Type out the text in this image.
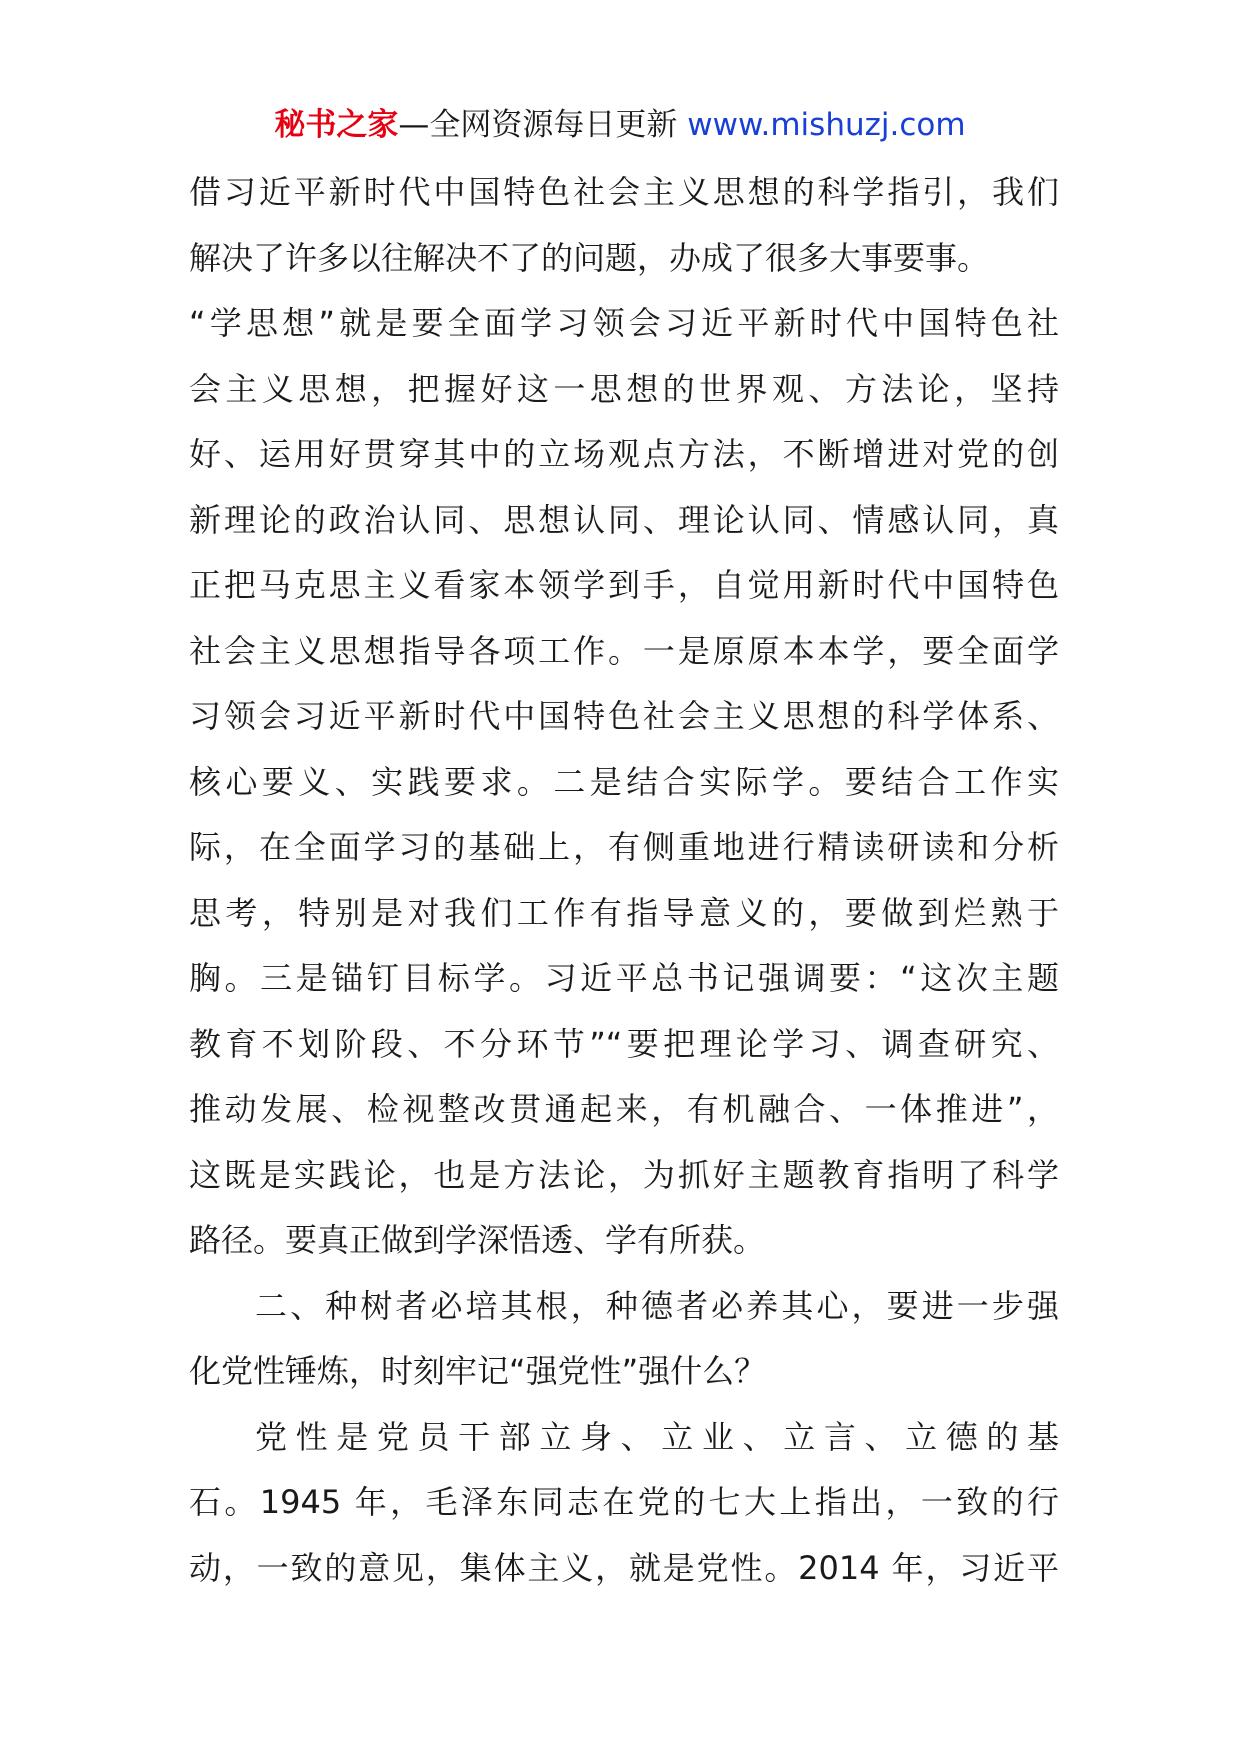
秘书之家—全网资源每日更新 www.mishuzj.com
借习近平新时代中国特色社会主义思想的科学指引，我们
解决了许多以往解决不了的问题，办成了很多大事要事。
“学思想”就是要全面学习领会习近平新时代中国特色社
会主义思想，把握好这一思想的世界观、方法论，坚持
好、运用好贯穿其中的立场观点方法，不断增进对党的创
新理论的政治认同、思想认同、理论认同、情感认同，真
正把马克思主义看家本领学到手，自觉用新时代中国特色
社会主义思想指导各项工作。一是原原本本学，要全面学
习领会习近平新时代中国特色社会主义思想的科学体系、
核心要义、实践要求。二是结合实际学。要结合工作实
际，在全面学习的基础上，有侧重地进行精读研读和分析
思考，特别是对我们工作有指导意义的，要做到烂熟于
胸。三是锚钉目标学。习近平总书记强调要：“这次主题
教育不划阶段、不分环节”“要把理论学习、调查研究、
推动发展、检视整改贯通起来，有机融合、一体推进”，
这既是实践论，也是方法论，为抓好主题教育指明了科学
路径。要真正做到学深悟透、学有所获。
二、种树者必培其根，种德者必养其心，要进一步强
化党性锤炼，时刻牢记“强党性”强什么？
党性是党员干部立身、立业、立言、立德的基
石。1945 年，毛泽东同志在党的七大上指出，一致的行
动，一致的意见，集体主义，就是党性。2014 年，习近平
